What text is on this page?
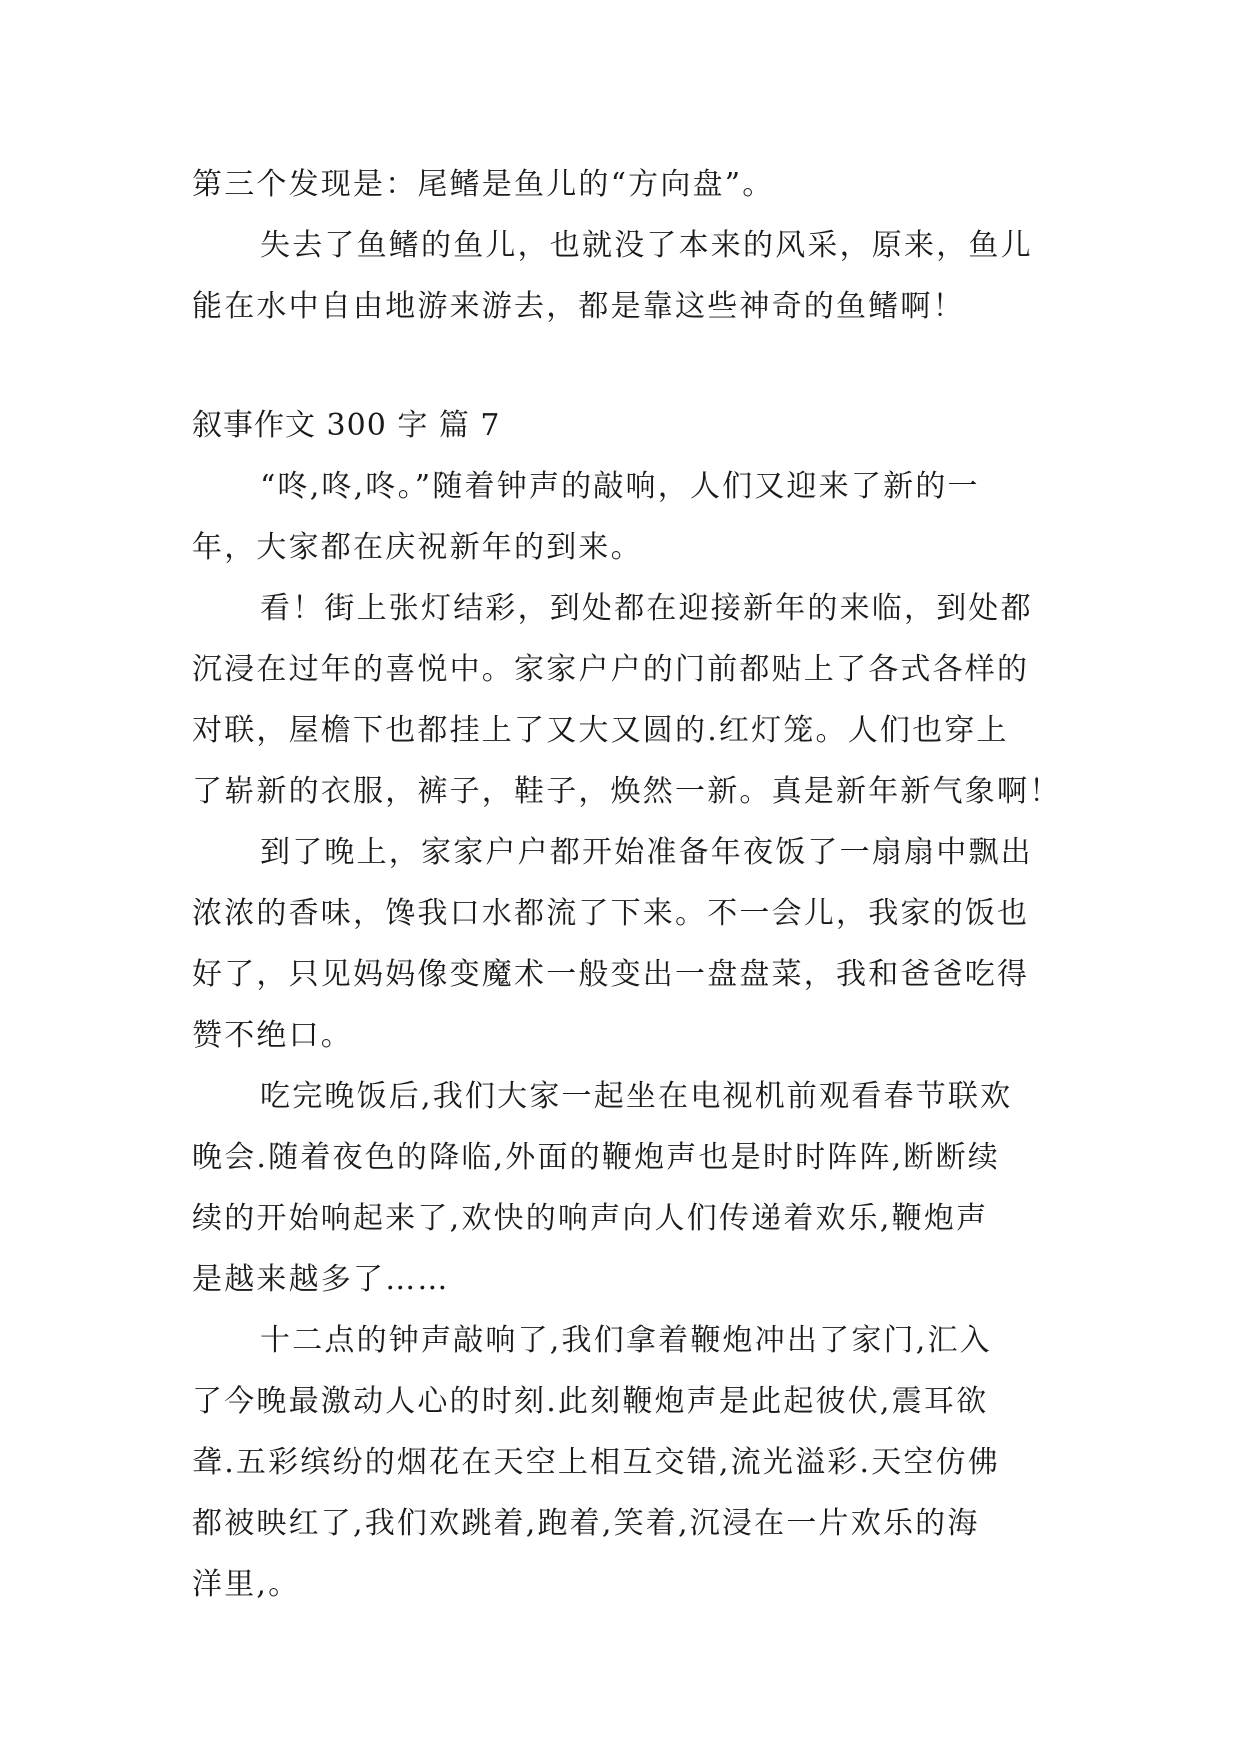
第三个发现是：尾鳍是鱼儿的“方向盘”。
失去了鱼鳍的鱼儿，也就没了本来的风采，原来，鱼儿
能在水中自由地游来游去，都是靠这些神奇的鱼鳍啊！
叙事作文 300 字 篇 7
“咚,咚,咚。”随着钟声的敲响，人们又迎来了新的一
年，大家都在庆祝新年的到来。
看！街上张灯结彩，到处都在迎接新年的来临，到处都
沉浸在过年的喜悦中。家家户户的门前都贴上了各式各样的
对联，屋檐下也都挂上了又大又圆的.红灯笼。人们也穿上
了崭新的衣服，裤子，鞋子，焕然一新。真是新年新气象啊！
到了晚上，家家户户都开始准备年夜饭了一扇扇中飘出
浓浓的香味，馋我口水都流了下来。不一会儿，我家的饭也
好了，只见妈妈像变魔术一般变出一盘盘菜，我和爸爸吃得
赞不绝口。
吃完晚饭后,我们大家一起坐在电视机前观看春节联欢
晚会.随着夜色的降临,外面的鞭炮声也是时时阵阵,断断续
续的开始响起来了,欢快的响声向人们传递着欢乐,鞭炮声
是越来越多了……
十二点的钟声敲响了,我们拿着鞭炮冲出了家门,汇入
了今晚最激动人心的时刻.此刻鞭炮声是此起彼伏,震耳欲
聋.五彩缤纷的烟花在天空上相互交错,流光溢彩.天空仿佛
都被映红了,我们欢跳着,跑着,笑着,沉浸在一片欢乐的海
洋里,。
